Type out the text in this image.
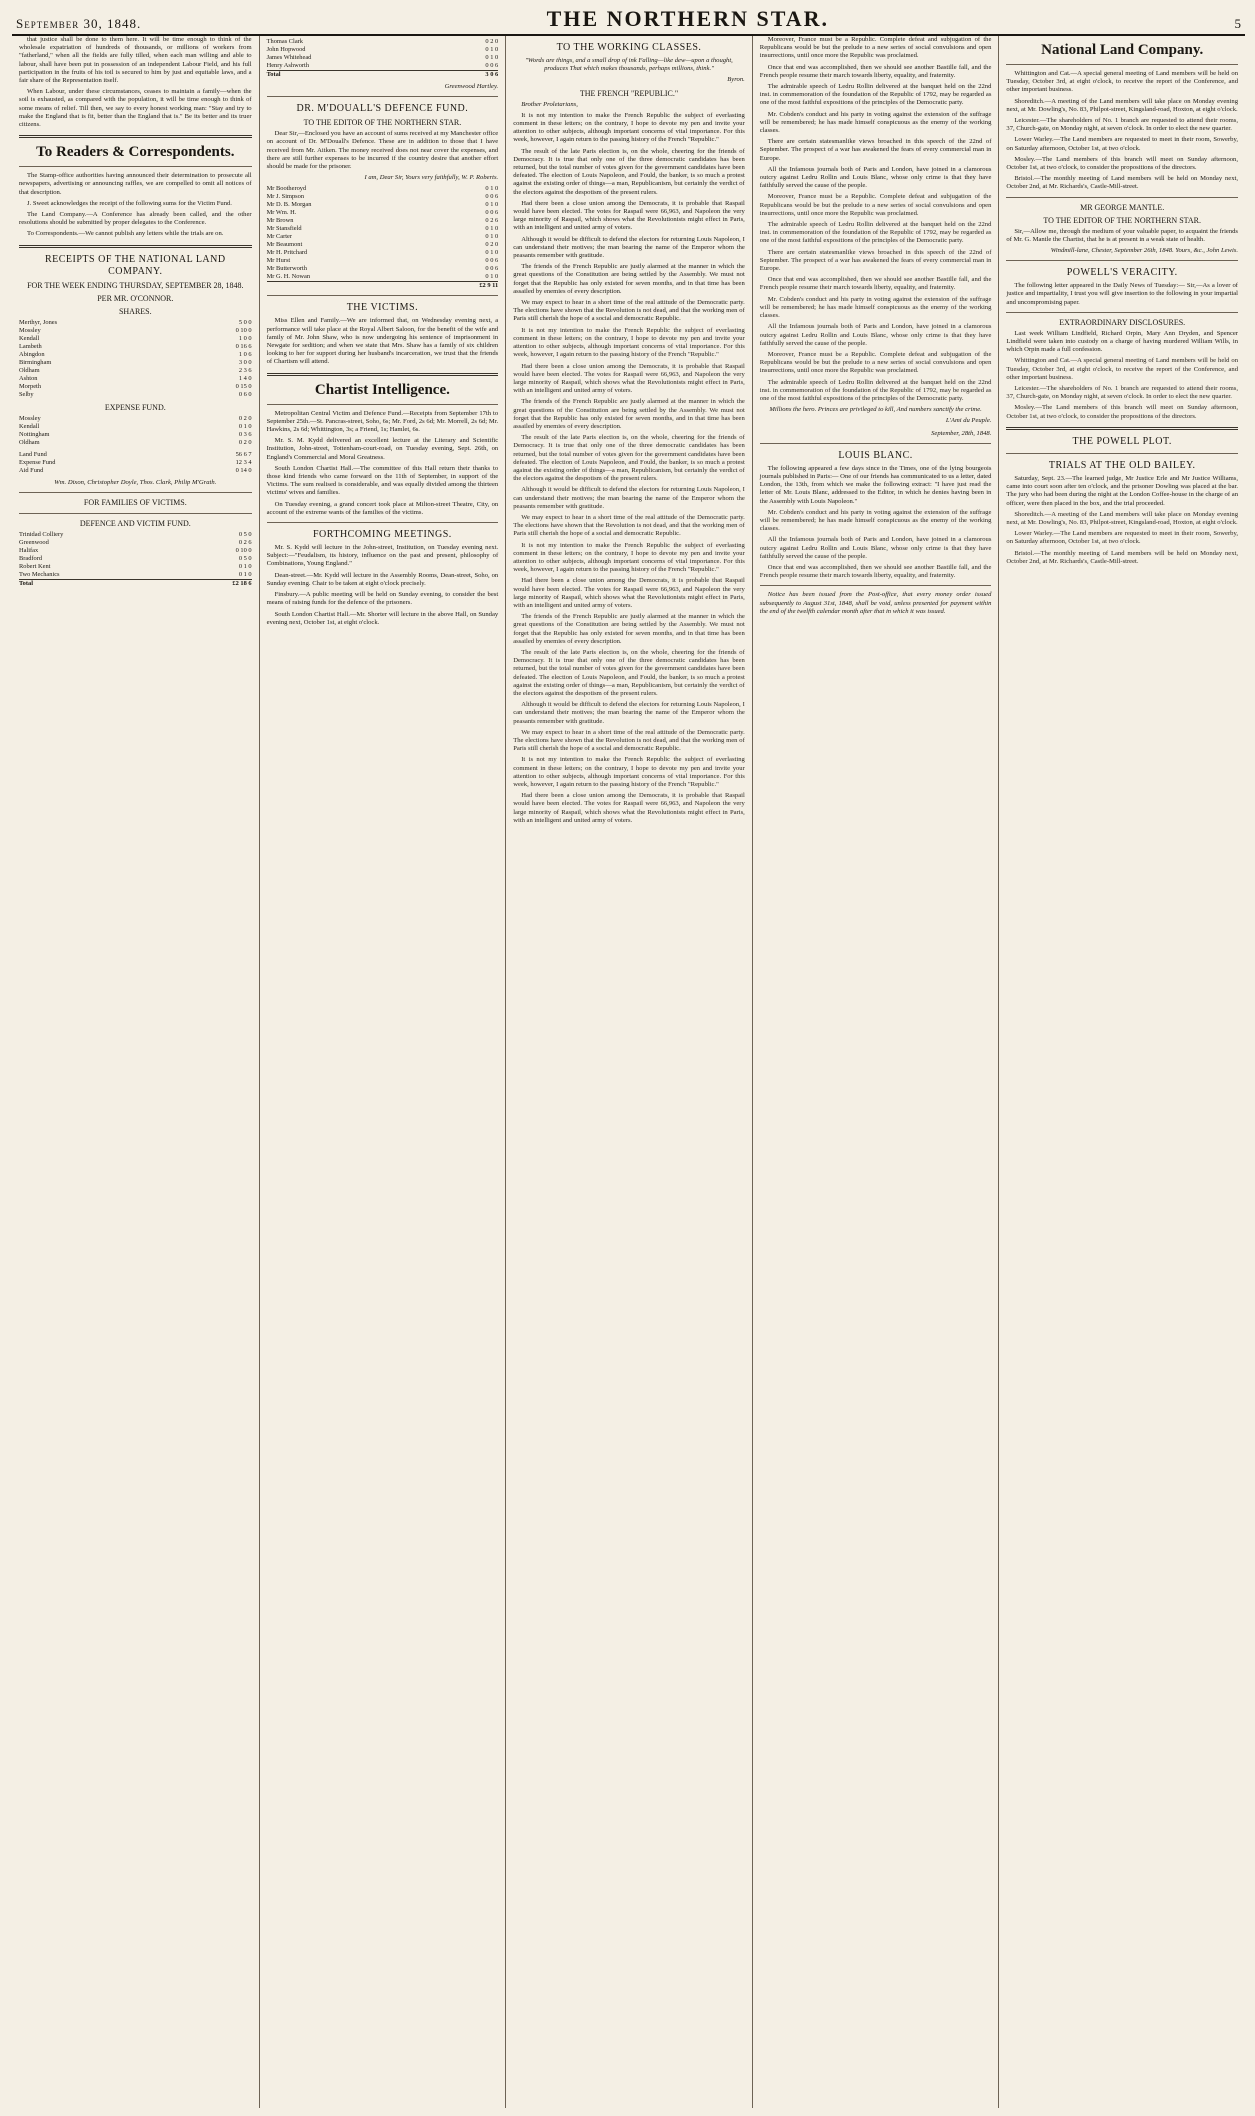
September 30, 1848.	THE NORTHERN STAR.	5

that justice shall be done to them here. It will be time enough to think of the wholesale expatriation of hundreds of thousands, or millions of workers from "fatherland," when all the fields are fully tilled, when each man willing and able to labour, shall have been put in possession of an independent Labour Field, and his full participation in the fruits of his toil is secured to him by just and equitable laws, and a fair share of the Representation itself.

When Labour, under these circumstances, ceases to maintain a family—when the soil is exhausted, as compared with the population, it will be time enough to think of some means of relief. Till then, we say to every honest working man: "Stay and try to make the England that is fit, better than the England that is." Be its better and its truer citizens.

To Readers & Correspondents.

The Stamp-office authorities having announced their determination to prosecute all newspapers, advertising or announcing raffles, we are compelled to omit all notices of that description.

J. Sweet acknowledges the receipt of the following sums for the Victim Fund.

The Land Company.—A Conference has already been called, and the other resolutions should be submitted by proper delegates to the Conference.

To Correspondents.—We cannot publish any letters while the trials are on.

RECEIPTS OF THE NATIONAL LAND COMPANY.
FOR THE WEEK ENDING THURSDAY, SEPTEMBER 28, 1848.
PER MR. O'CONNOR.
SHARES.
Merthyr, Jones	5 0 0
Mossley	0 10 0
Kendall	1 0 0
Lambeth	0 16 6
Abingdon	1 0 6
Birmingham	3 0 0
Oldham	2 3 6
Ashton	1 4 0
Morpeth	0 15 0
Selby	0 6 0
EXPENSE FUND.
Mossley	0 2 0
Kendall	0 1 0
Nottingham	0 3 6
Oldham	0 2 0
Land Fund	56 6 7
Expense Fund	12 3 4
Aid Fund	0 14 0

Wm. Dixon, Christopher Doyle, Thos. Clark, Philip M'Grath.

FOR FAMILIES OF VICTIMS.
DEFENCE AND VICTIM FUND.
Trinidad Colliery	0 5 0
Greenwood	0 2 6
Halifax	0 10 0
Bradford	0 5 0
Robert Kent	0 1 0
Two Mechanics	0 1 0
Total	£2 18 6
Thomas Clark	0 2 0
John Hopwood	0 1 0
James Whitehead	0 1 0
Henry Ashworth	0 0 6
Total	3 0 6
Greenwood Hartley.
DR. M'DOUALL'S DEFENCE FUND.
TO THE EDITOR OF THE NORTHERN STAR.

Dear Sir,—Enclosed you have an account of sums received at my Manchester office on account of Dr. M'Douall's Defence. These are in addition to those that I have received from Mr. Aitken. The money received does not near cover the expenses, and there are still further expenses to be incurred if the country desire that another effort should be made for the prisoner.

I am, Dear Sir, Yours very faithfully, W. P. Roberts.

Mr Bootheroyd	0 1 0
Mr J. Simpson	0 0 6
Mr D. B. Morgan	0 1 0
Mr Wm. H.	0 0 6
Mr Brown	0 2 6
Mr Stansfield	0 1 0
Mr Carter	0 1 0
Mr Beaumont	0 2 0
Mr H. Pritchard	0 1 0
Mr Hurst	0 0 6
Mr Butterworth	0 0 6
Mr G. H. Nowan	0 1 0
	£2 9 11
THE VICTIMS.

Miss Ellen and Family.—We are informed that, on Wednesday evening next, a performance will take place at the Royal Albert Saloon, for the benefit of the wife and family of Mr. John Shaw, who is now undergoing his sentence of imprisonment in Newgate for sedition; and when we state that Mrs. Shaw has a family of six children looking to her for support during her husband's incarceration, we trust that the friends of Chartism will attend.

Chartist Intelligence.

Metropolitan Central Victim and Defence Fund.—Receipts from September 17th to September 25th.—St. Pancras-street, Soho, 6s; Mr. Ford, 2s 6d; Mr. Morrell, 2s 6d; Mr. Hawkins, 2s 6d; Whittington, 3s; a Friend, 1s; Hamlet, 6s.

Mr. S. M. Kydd delivered an excellent lecture at the Literary and Scientific Institution, John-street, Tottenham-court-road, on Tuesday evening, Sept. 26th, on England's Commercial and Moral Greatness.

South London Chartist Hall.—The committee of this Hall return their thanks to those kind friends who came forward on the 11th of September, in support of the Victims. The sum realised is considerable, and was equally divided among the thirteen victims' wives and families.

On Tuesday evening, a grand concert took place at Milton-street Theatre, City, on account of the extreme wants of the families of the victims.

FORTHCOMING MEETINGS.

Mr. S. Kydd will lecture in the John-street, Institution, on Tuesday evening next. Subject:—"Feudalism, its history, influence on the past and present, philosophy of Combinations, Young England."

Dean-street.—Mr. Kydd will lecture in the Assembly Rooms, Dean-street, Soho, on Sunday evening. Chair to be taken at eight o'clock precisely.

Finsbury.—A public meeting will be held on Sunday evening, to consider the best means of raising funds for the defence of the prisoners.

South London Chartist Hall.—Mr. Shorter will lecture in the above Hall, on Sunday evening next, October 1st, at eight o'clock.

TO THE WORKING CLASSES.

"Words are things, and a small drop of ink Falling—like dew—upon a thought, produces That which makes thousands, perhaps millions, think."

Byron.
THE FRENCH "REPUBLIC."

Brother Proletarians,

It is not my intention to make the French Republic the subject of everlasting comment in these letters; on the contrary, I hope to devote my pen and invite your attention to other subjects, although important concerns of vital importance. For this week, however, I again return to the passing history of the French "Republic."

The result of the late Paris election is, on the whole, cheering for the friends of Democracy. It is true that only one of the three democratic candidates has been returned, but the total number of votes given for the government candidates have been defeated. The election of Louis Napoleon, and Fould, the banker, is so much a protest against the existing order of things—a man, Republicanism, but certainly the verdict of the electors against the despotism of the present rulers.

Had there been a close union among the Democrats, it is probable that Raspail would have been elected. The votes for Raspail were 66,963, and Napoleon the very large minority of Raspail, which shows what the Revolutionists might effect in Paris, with an intelligent and united army of voters.

Although it would be difficult to defend the electors for returning Louis Napoleon, I can understand their motives; the man bearing the name of the Emperor whom the peasants remember with gratitude.

The friends of the French Republic are justly alarmed at the manner in which the great questions of the Constitution are being settled by the Assembly. We must not forget that the Republic has only existed for seven months, and in that time has been assailed by enemies of every description.

We may expect to hear in a short time of the real attitude of the Democratic party. The elections have shown that the Revolution is not dead, and that the working men of Paris still cherish the hope of a social and democratic Republic.

It is not my intention to make the French Republic the subject of everlasting comment in these letters; on the contrary, I hope to devote my pen and invite your attention to other subjects, although important concerns of vital importance. For this week, however, I again return to the passing history of the French "Republic."

Had there been a close union among the Democrats, it is probable that Raspail would have been elected. The votes for Raspail were 66,963, and Napoleon the very large minority of Raspail, which shows what the Revolutionists might effect in Paris, with an intelligent and united army of voters.

The friends of the French Republic are justly alarmed at the manner in which the great questions of the Constitution are being settled by the Assembly. We must not forget that the Republic has only existed for seven months, and in that time has been assailed by enemies of every description.

The result of the late Paris election is, on the whole, cheering for the friends of Democracy. It is true that only one of the three democratic candidates has been returned, but the total number of votes given for the government candidates have been defeated. The election of Louis Napoleon, and Fould, the banker, is so much a protest against the existing order of things—a man, Republicanism, but certainly the verdict of the electors against the despotism of the present rulers.

Although it would be difficult to defend the electors for returning Louis Napoleon, I can understand their motives; the man bearing the name of the Emperor whom the peasants remember with gratitude.

We may expect to hear in a short time of the real attitude of the Democratic party. The elections have shown that the Revolution is not dead, and that the working men of Paris still cherish the hope of a social and democratic Republic.

It is not my intention to make the French Republic the subject of everlasting comment in these letters; on the contrary, I hope to devote my pen and invite your attention to other subjects, although important concerns of vital importance. For this week, however, I again return to the passing history of the French "Republic."

Had there been a close union among the Democrats, it is probable that Raspail would have been elected. The votes for Raspail were 66,963, and Napoleon the very large minority of Raspail, which shows what the Revolutionists might effect in Paris, with an intelligent and united army of voters.

The friends of the French Republic are justly alarmed at the manner in which the great questions of the Constitution are being settled by the Assembly. We must not forget that the Republic has only existed for seven months, and in that time has been assailed by enemies of every description.

The result of the late Paris election is, on the whole, cheering for the friends of Democracy. It is true that only one of the three democratic candidates has been returned, but the total number of votes given for the government candidates have been defeated. The election of Louis Napoleon, and Fould, the banker, is so much a protest against the existing order of things—a man, Republicanism, but certainly the verdict of the electors against the despotism of the present rulers.

Although it would be difficult to defend the electors for returning Louis Napoleon, I can understand their motives; the man bearing the name of the Emperor whom the peasants remember with gratitude.

We may expect to hear in a short time of the real attitude of the Democratic party. The elections have shown that the Revolution is not dead, and that the working men of Paris still cherish the hope of a social and democratic Republic.

It is not my intention to make the French Republic the subject of everlasting comment in these letters; on the contrary, I hope to devote my pen and invite your attention to other subjects, although important concerns of vital importance. For this week, however, I again return to the passing history of the French "Republic."

Had there been a close union among the Democrats, it is probable that Raspail would have been elected. The votes for Raspail were 66,963, and Napoleon the very large minority of Raspail, which shows what the Revolutionists might effect in Paris, with an intelligent and united army of voters.

Moreover, France must be a Republic. Complete defeat and subjugation of the Republicans would be but the prelude to a new series of social convulsions and open insurrections, until once more the Republic was proclaimed.

Once that end was accomplished, then we should see another Bastille fall, and the French people resume their march towards liberty, equality, and fraternity.

The admirable speech of Ledru Rollin delivered at the banquet held on the 22nd inst. in commemoration of the foundation of the Republic of 1792, may be regarded as one of the most faithful expositions of the principles of the Democratic party.

Mr. Cobden's conduct and his party in voting against the extension of the suffrage will be remembered; he has made himself conspicuous as the enemy of the working classes.

There are certain statesmanlike views broached in this speech of the 22nd of September. The prospect of a war has awakened the fears of every commercial man in Europe.

All the Infamous journals both of Paris and London, have joined in a clamorous outcry against Ledru Rollin and Louis Blanc, whose only crime is that they have faithfully served the cause of the people.

Moreover, France must be a Republic. Complete defeat and subjugation of the Republicans would be but the prelude to a new series of social convulsions and open insurrections, until once more the Republic was proclaimed.

The admirable speech of Ledru Rollin delivered at the banquet held on the 22nd inst. in commemoration of the foundation of the Republic of 1792, may be regarded as one of the most faithful expositions of the principles of the Democratic party.

There are certain statesmanlike views broached in this speech of the 22nd of September. The prospect of a war has awakened the fears of every commercial man in Europe.

Once that end was accomplished, then we should see another Bastille fall, and the French people resume their march towards liberty, equality, and fraternity.

Mr. Cobden's conduct and his party in voting against the extension of the suffrage will be remembered; he has made himself conspicuous as the enemy of the working classes.

All the Infamous journals both of Paris and London, have joined in a clamorous outcry against Ledru Rollin and Louis Blanc, whose only crime is that they have faithfully served the cause of the people.

Moreover, France must be a Republic. Complete defeat and subjugation of the Republicans would be but the prelude to a new series of social convulsions and open insurrections, until once more the Republic was proclaimed.

The admirable speech of Ledru Rollin delivered at the banquet held on the 22nd inst. in commemoration of the foundation of the Republic of 1792, may be regarded as one of the most faithful expositions of the principles of the Democratic party.

Millions the hero. Princes are privileged to kill, And numbers sanctify the crime.

L'Ami du Peuple.
September, 28th, 1848.
LOUIS BLANC.

The following appeared a few days since in the Times, one of the lying bourgeois journals published in Paris:— One of our friends has communicated to us a letter, dated London, the 13th, from which we make the following extract: "I have just read the letter of Mr. Louis Blanc, addressed to the Editor, in which he denies having been in the Assembly with Louis Napoleon."

Mr. Cobden's conduct and his party in voting against the extension of the suffrage will be remembered; he has made himself conspicuous as the enemy of the working classes.

All the Infamous journals both of Paris and London, have joined in a clamorous outcry against Ledru Rollin and Louis Blanc, whose only crime is that they have faithfully served the cause of the people.

Once that end was accomplished, then we should see another Bastille fall, and the French people resume their march towards liberty, equality, and fraternity.

Notice has been issued from the Post-office, that every money order issued subsequently to August 31st, 1848, shall be void, unless presented for payment within the end of the twelfth calendar month after that in which it was issued.

National Land Company.

Whittington and Cat.—A special general meeting of Land members will be held on Tuesday, October 3rd, at eight o'clock, to receive the report of the Conference, and other important business.

Shoreditch.—A meeting of the Land members will take place on Monday evening next, at Mr. Dowling's, No. 83, Philpot-street, Kingsland-road, Hoxton, at eight o'clock.

Leicester.—The shareholders of No. 1 branch are requested to attend their rooms, 37, Church-gate, on Monday night, at seven o'clock. In order to elect the new quarter.

Lower Warley.—The Land members are requested to meet in their room, Sowerby, on Saturday afternoon, October 1st, at two o'clock.

Mosley.—The Land members of this branch will meet on Sunday afternoon, October 1st, at two o'clock, to consider the propositions of the directors.

Bristol.—The monthly meeting of Land members will be held on Monday next, October 2nd, at Mr. Richards's, Castle-Mill-street.

MR GEORGE MANTLE.
TO THE EDITOR OF THE NORTHERN STAR.

Sir,—Allow me, through the medium of your valuable paper, to acquaint the friends of Mr. G. Mantle the Chartist, that he is at present in a weak state of health.

Windmill-lane, Chester, September 26th, 1848. Yours, &c., John Lewis.

POWELL'S VERACITY.

The following letter appeared in the Daily News of Tuesday:— Sir,—As a lover of justice and impartiality, I trust you will give insertion to the following in your impartial and uncompromising paper.

EXTRAORDINARY DISCLOSURES.

Last week William Lindfield, Richard Orpin, Mary Ann Dryden, and Spencer Lindfield were taken into custody on a charge of having murdered William Wills, in which Orpin made a full confession.

Whittington and Cat.—A special general meeting of Land members will be held on Tuesday, October 3rd, at eight o'clock, to receive the report of the Conference, and other important business.

Leicester.—The shareholders of No. 1 branch are requested to attend their rooms, 37, Church-gate, on Monday night, at seven o'clock. In order to elect the new quarter.

Mosley.—The Land members of this branch will meet on Sunday afternoon, October 1st, at two o'clock, to consider the propositions of the directors.

THE POWELL PLOT.
TRIALS AT THE OLD BAILEY.

Saturday, Sept. 23.—The learned judge, Mr Justice Erle and Mr Justice Williams, came into court soon after ten o'clock, and the prisoner Dowling was placed at the bar. The jury who had been during the night at the London Coffee-house in the charge of an officer, were then placed in the box, and the trial proceeded.

Shoreditch.—A meeting of the Land members will take place on Monday evening next, at Mr. Dowling's, No. 83, Philpot-street, Kingsland-road, Hoxton, at eight o'clock.

Lower Warley.—The Land members are requested to meet in their room, Sowerby, on Saturday afternoon, October 1st, at two o'clock.

Bristol.—The monthly meeting of Land members will be held on Monday next, October 2nd, at Mr. Richards's, Castle-Mill-street.
